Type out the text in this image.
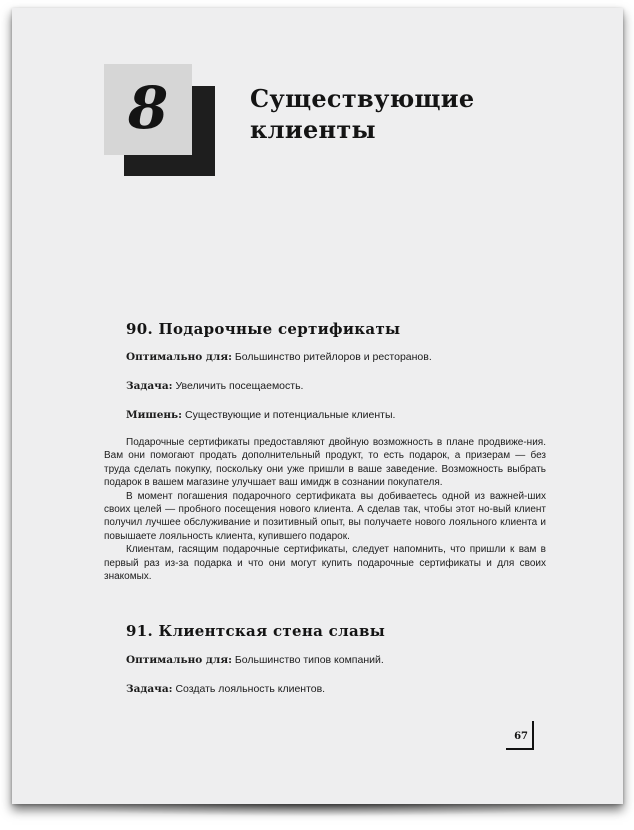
8	Существующие
клиенты
90. Подарочные сертификаты
Оптимально для: Большинство ритейлоров и ресторанов.
Задача: Увеличить посещаемость.
Мишень: Существующие и потенциальные клиенты.

Подарочные сертификаты предоставляют двойную возможность в плане продвиже-ния. Вам они помогают продать дополнительный продукт, то есть подарок, а призерам — без труда сделать покупку, поскольку они уже пришли в ваше заведение. Возможность выбрать подарок в вашем магазине улучшает ваш имидж в сознании покупателя.

В момент погашения подарочного сертификата вы добиваетесь одной из важней-ших своих целей — пробного посещения нового клиента. А сделав так, чтобы этот но-вый клиент получил лучшее обслуживание и позитивный опыт, вы получаете нового лояльного клиента и повышаете лояльность клиента, купившего подарок.

Клиентам, гасящим подарочные сертификаты, следует напомнить, что пришли к вам в первый раз из-за подарка и что они могут купить подарочные сертификаты и для своих знакомых.

91. Клиентская стена славы
Оптимально для: Большинство типов компаний.
Задача: Создать лояльность клиентов.
67
